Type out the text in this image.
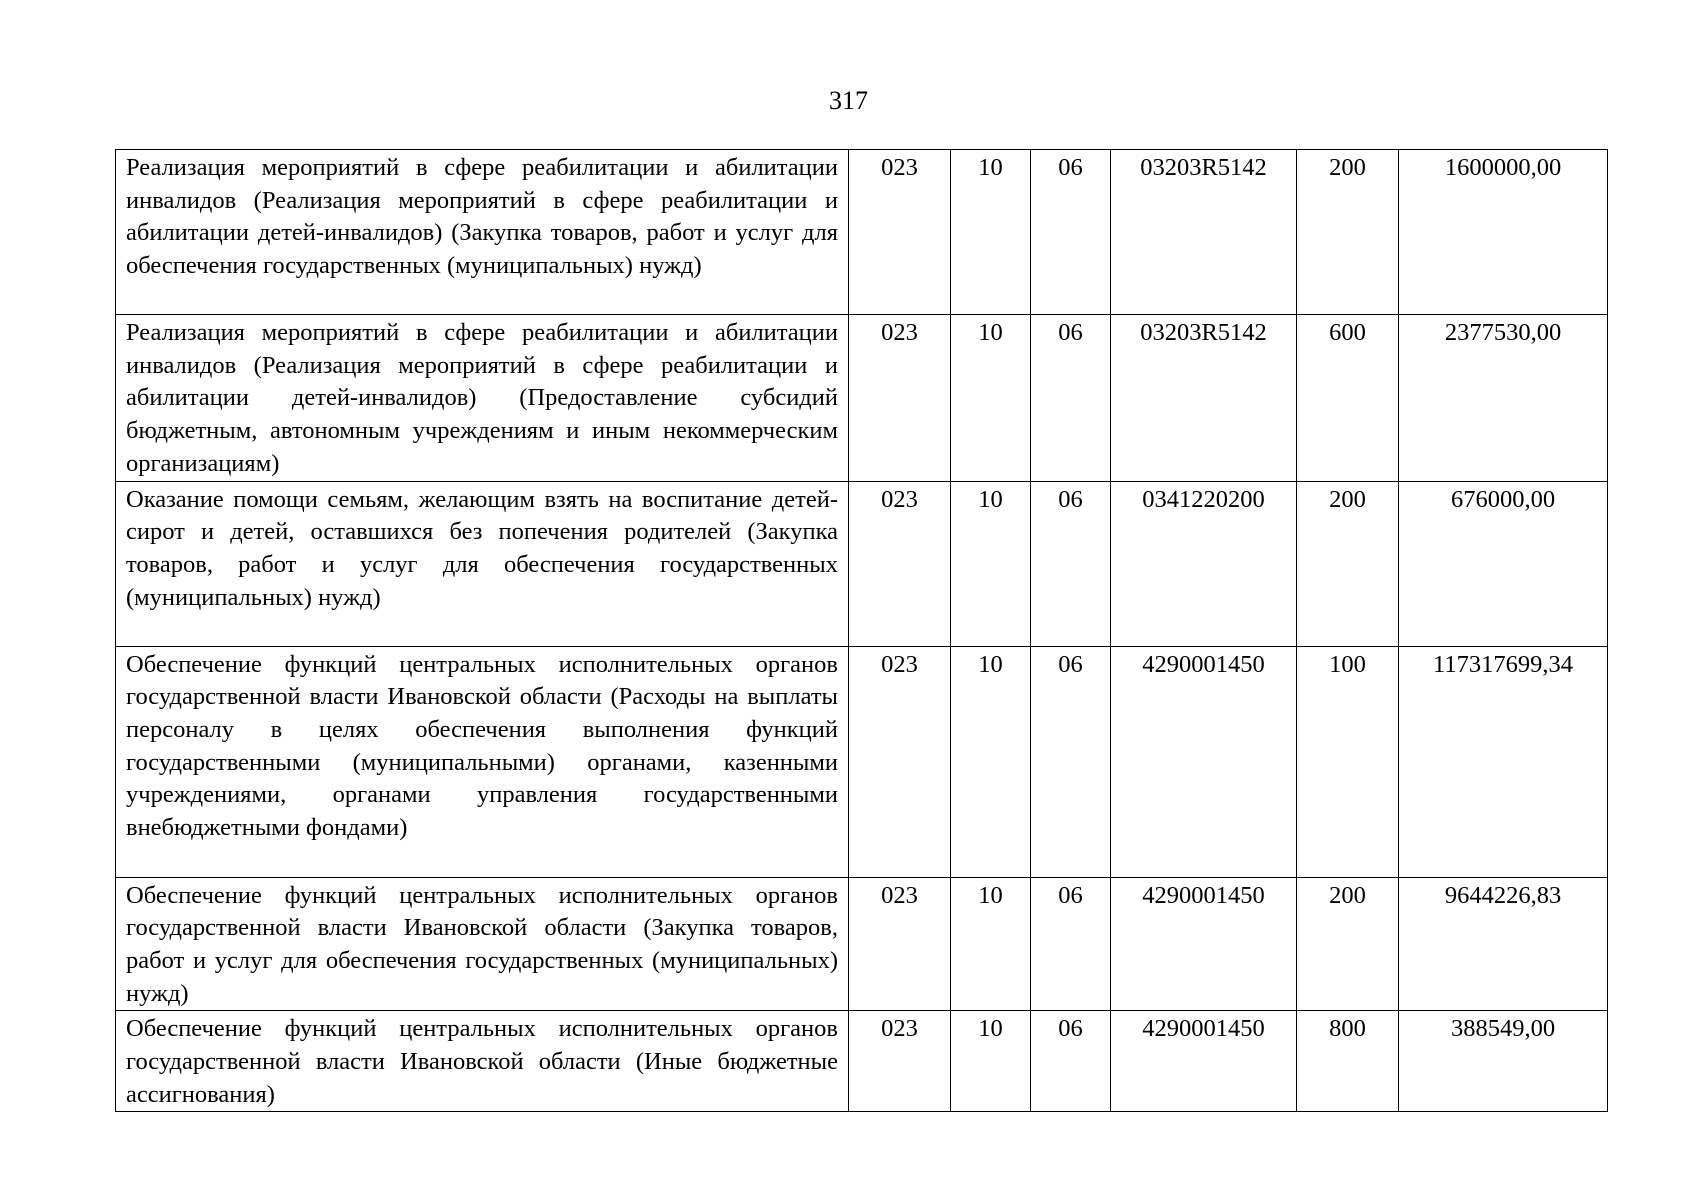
317
Реализация мероприятий в сфере реабилитации и абилитации инвалидов (Реализация мероприятий в сфере реабилитации и абилитации детей-инвалидов) (Закупка товаров, работ и услуг для обеспечения государственных (муниципальных) нужд)	023	10	06	03203R5142	200	1600000,00
Реализация мероприятий в сфере реабилитации и абилитации инвалидов (Реализация мероприятий в сфере реабилитации и абилитации детей-инвалидов) (Предоставление субсидий бюджетным, автономным учреждениям и иным некоммерческим организациям)	023	10	06	03203R5142	600	2377530,00
Оказание помощи семьям, желающим взять на воспитание детей-сирот и детей, оставшихся без попечения родителей (Закупка товаров, работ и услуг для обеспечения государственных (муниципальных) нужд)	023	10	06	0341220200	200	676000,00
Обеспечение функций центральных исполнительных органов государственной власти Ивановской области (Расходы на выплаты персоналу в целях обеспечения выполнения функций государственными (муниципальными) органами, казенными учреждениями, органами управления государственными внебюджетными фондами)	023	10	06	4290001450	100	117317699,34
Обеспечение функций центральных исполнительных органов государственной власти Ивановской области (Закупка товаров, работ и услуг для обеспечения государственных (муниципальных) нужд)	023	10	06	4290001450	200	9644226,83
Обеспечение функций центральных исполнительных органов государственной власти Ивановской области (Иные бюджетные ассигнования)	023	10	06	4290001450	800	388549,00
